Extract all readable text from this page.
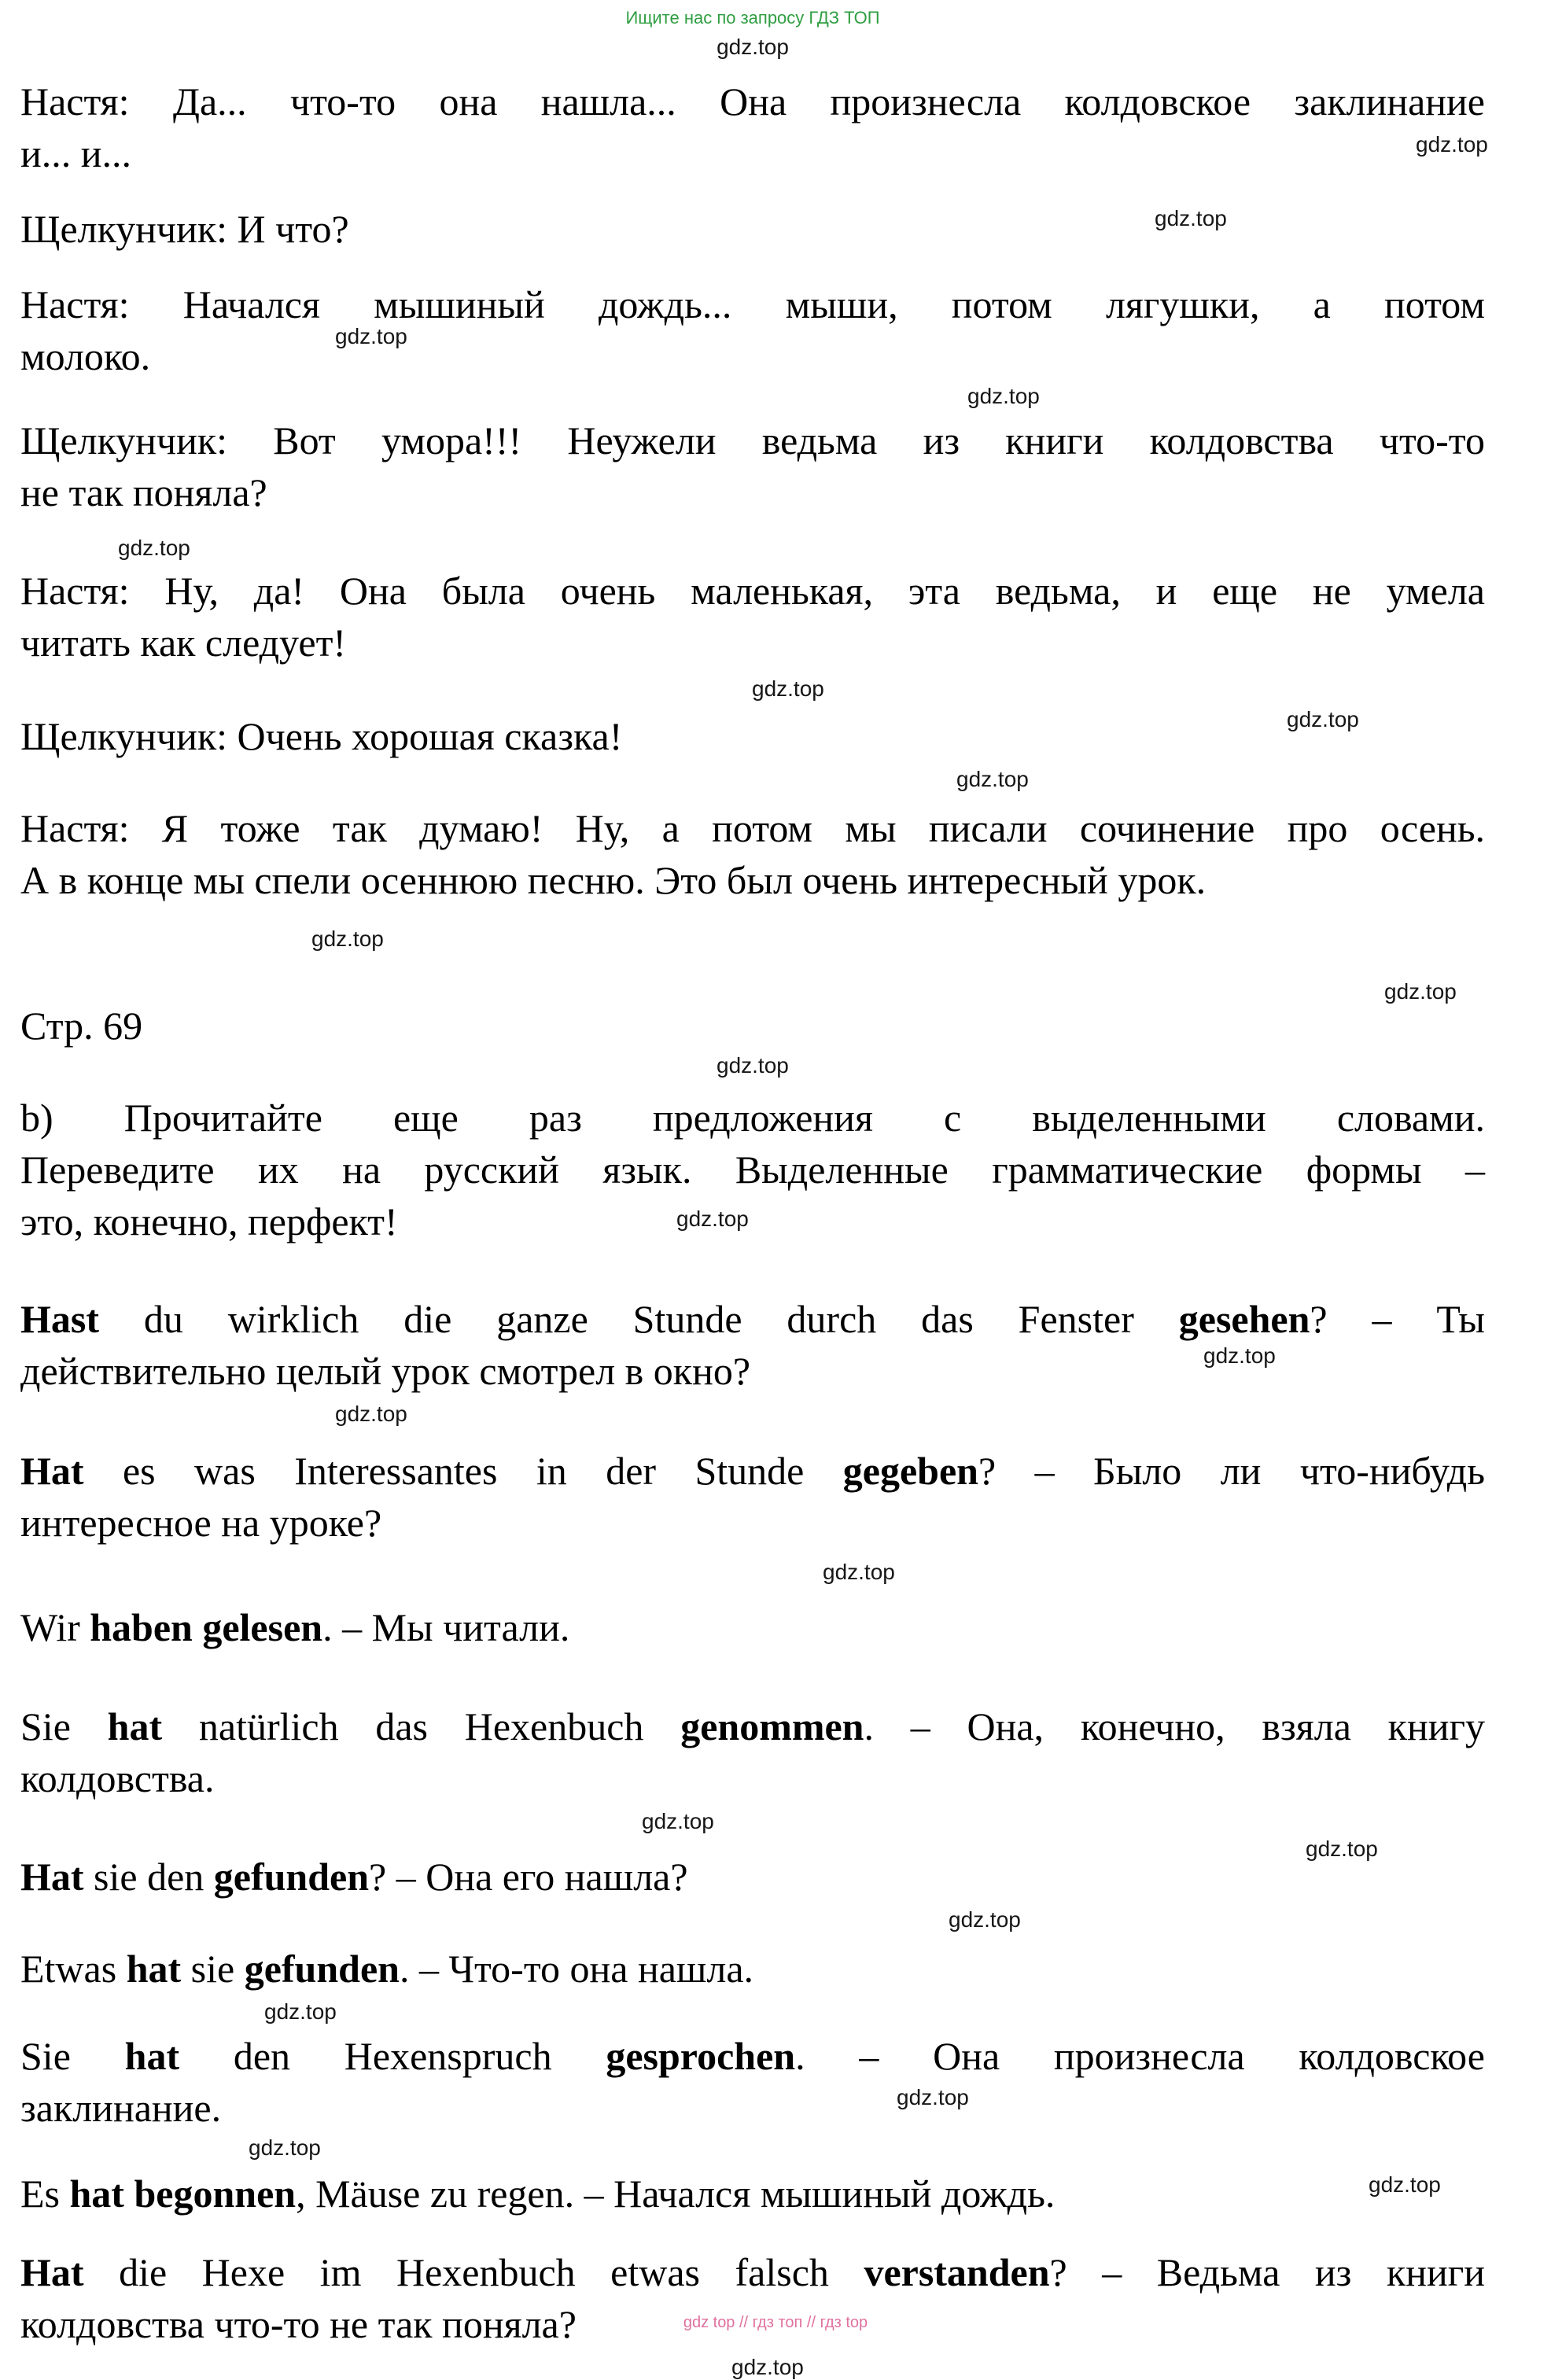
Ищите нас по запросу ГДЗ ТОП
gdz.top
gdz.top
Настя: Да... что-то она нашла... Она произнесла колдовское заклинание
и... и...
gdz.top
Щелкунчик: И что?
gdz.top
Настя: Начался мышиный дождь... мыши, потом лягушки, а потом
молоко.
gdz.top
Щелкунчик: Вот умора!!! Неужели ведьма из книги колдовства что-то
не так поняла?
gdz.top
Настя: Ну, да! Она была очень маленькая, эта ведьма, и еще не умела
читать как следует!
gdz.top
gdz.top
Щелкунчик: Очень хорошая сказка!
gdz.top
Настя: Я тоже так думаю! Ну, а потом мы писали сочинение про осень.
А в конце мы спели осеннюю песню. Это был очень интересный урок.
gdz.top
gdz.top
Стр. 69
gdz.top
gdz.top
b) Прочитайте еще раз предложения с выделенными словами.
Переведите их на русский язык. Выделенные грамматические формы –
это, конечно, перфект!
gdz.top
Hast du wirklich die ganze Stunde durch das Fenster gesehen? – Ты
действительно целый урок смотрел в окно?
gdz.top
Hat es was Interessantes in der Stunde gegeben? – Было ли что-нибудь
интересное на уроке?
gdz.top
Wir haben gelesen. – Мы читали.
Sie hat natürlich das Hexenbuch genommen. – Она, конечно, взяла книгу
колдовства.
gdz.top
gdz.top
Hat sie den gefunden? – Она его нашла?
gdz.top
Etwas hat sie gefunden. – Что-то она нашла.
gdz.top
gdz.top
Sie hat den Hexenspruch gesprochen. – Она произнесла колдовское
заклинание.
gdz.top
gdz.top
Es hat begonnen, Mäuse zu regen. – Начался мышиный дождь.
gdz.top
Hat die Hexe im Hexenbuch etwas falsch verstanden? – Ведьма из книги
колдовства что-то не так поняла?	gdz top // гдз топ // гдз top
